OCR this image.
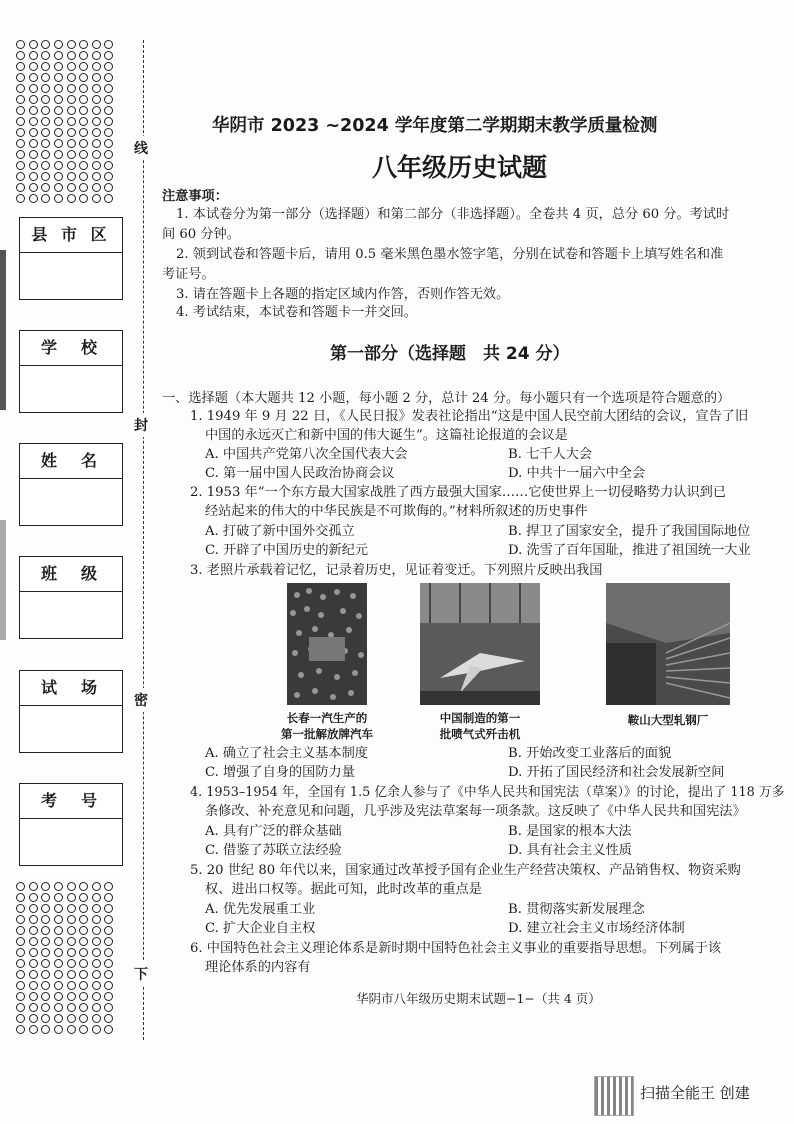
县 市 区
学　校
姓　名
班　级
试　场
考　号
线
封
密
下
华阴市 2023 ~2024 学年度第二学期期末教学质量检测
八年级历史试题
注意事项：
1. 本试卷分为第一部分（选择题）和第二部分（非选择题）。全卷共 4 页，总分 60 分。考试时
间 60 分钟。
2. 领到试卷和答题卡后，请用 0.5 毫米黑色墨水签字笔，分别在试卷和答题卡上填写姓名和准
考证号。
3. 请在答题卡上各题的指定区域内作答，否则作答无效。
4. 考试结束，本试卷和答题卡一并交回。
第一部分（选择题　共 24 分）
一、选择题（本大题共 12 小题，每小题 2 分，总计 24 分。每小题只有一个选项是符合题意的）
1. 1949 年 9 月 22 日，《人民日报》发表社论指出“这是中国人民空前大团结的会议，宣告了旧
中国的永远灭亡和新中国的伟大诞生”。这篇社论报道的会议是
A. 中国共产党第八次全国代表大会	B. 七千人大会
C. 第一届中国人民政治协商会议	D. 中共十一届六中全会
2. 1953 年“一个东方最大国家战胜了西方最强大国家……它使世界上一切侵略势力认识到已
经站起来的伟大的中华民族是不可欺侮的。”材料所叙述的历史事件
A. 打破了新中国外交孤立	B. 捍卫了国家安全，提升了我国国际地位
C. 开辟了中国历史的新纪元	D. 洗雪了百年国耻，推进了祖国统一大业
3. 老照片承载着记忆，记录着历史，见证着变迁。下列照片反映出我国
长春一汽生产的
第一批解放牌汽车
中国制造的第一
批喷气式歼击机
鞍山大型轧钢厂
A. 确立了社会主义基本制度	B. 开始改变工业落后的面貌
C. 增强了自身的国防力量	D. 开拓了国民经济和社会发展新空间
4. 1953–1954 年，全国有 1.5 亿余人参与了《中华人民共和国宪法（草案）》的讨论，提出了 118 万多
条修改、补充意见和问题，几乎涉及宪法草案每一项条款。这反映了《中华人民共和国宪法》
A. 具有广泛的群众基础	B. 是国家的根本大法
C. 借鉴了苏联立法经验	D. 具有社会主义性质
5. 20 世纪 80 年代以来，国家通过改革授予国有企业生产经营决策权、产品销售权、物资采购
权、进出口权等。据此可知，此时改革的重点是
A. 优先发展重工业	B. 贯彻落实新发展理念
C. 扩大企业自主权	D. 建立社会主义市场经济体制
6. 中国特色社会主义理论体系是新时期中国特色社会主义事业的重要指导思想。下列属于该
理论体系的内容有
华阴市八年级历史期末试题−1−（共 4 页）
扫描全能王 创建
